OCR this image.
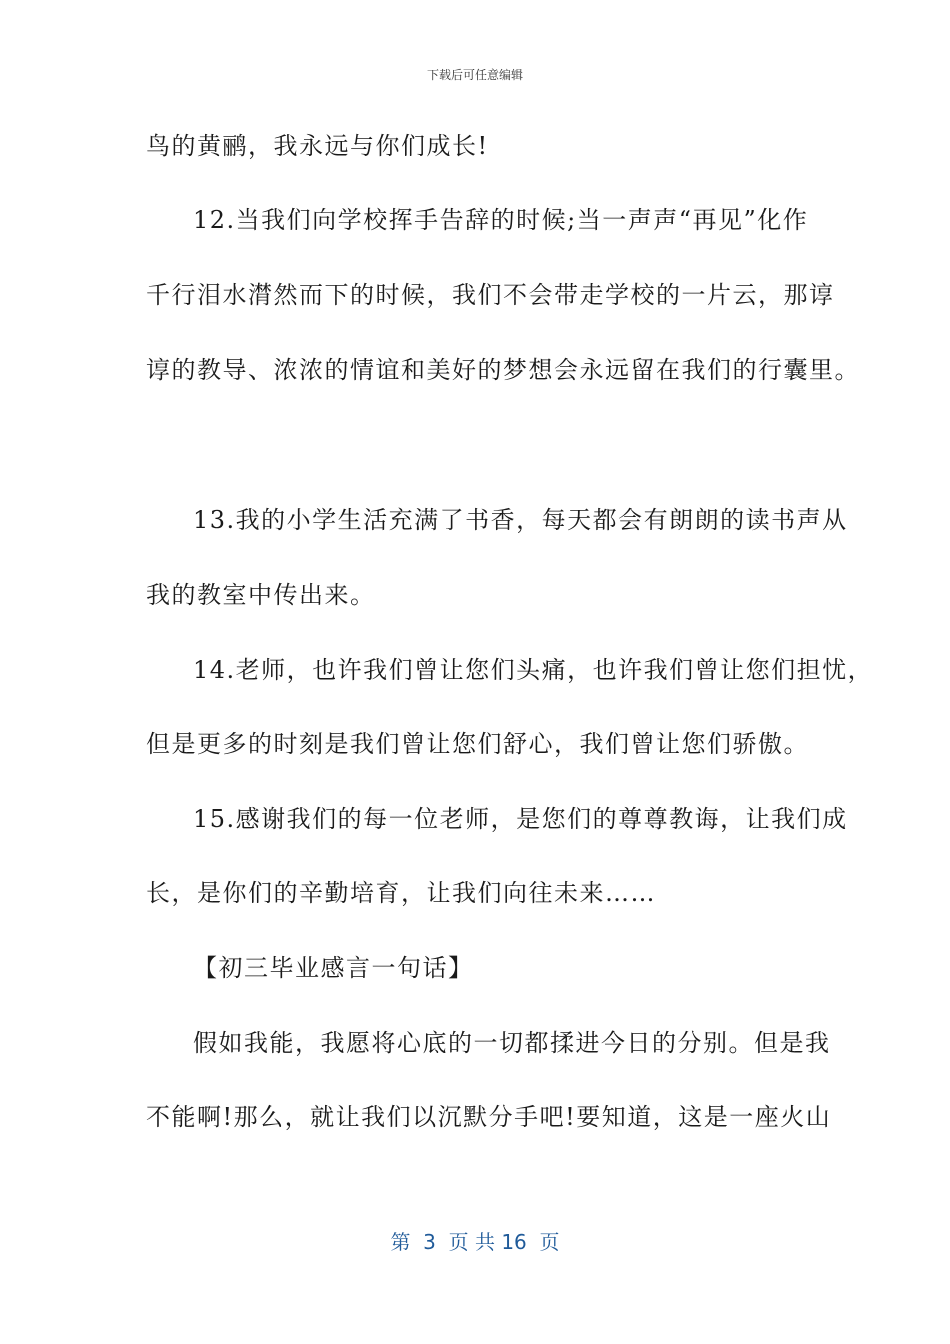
下载后可任意编辑
鸟的黄鹂，我永远与你们成长!
12.当我们向学校挥手告辞的时候;当一声声“再见”化作
千行泪水潸然而下的时候，我们不会带走学校的一片云，那谆
谆的教导、浓浓的情谊和美好的梦想会永远留在我们的行囊里。
13.我的小学生活充满了书香，每天都会有朗朗的读书声从
我的教室中传出来。
14.老师，也许我们曾让您们头痛，也许我们曾让您们担忧，
但是更多的时刻是我们曾让您们舒心，我们曾让您们骄傲。
15.感谢我们的每一位老师，是您们的尊尊教诲，让我们成
长，是你们的辛勤培育，让我们向往未来……
【初三毕业感言一句话】
假如我能，我愿将心底的一切都揉进今日的分别。但是我
不能啊!那么，就让我们以沉默分手吧!要知道，这是一座火山
第  3  页 共 16  页
